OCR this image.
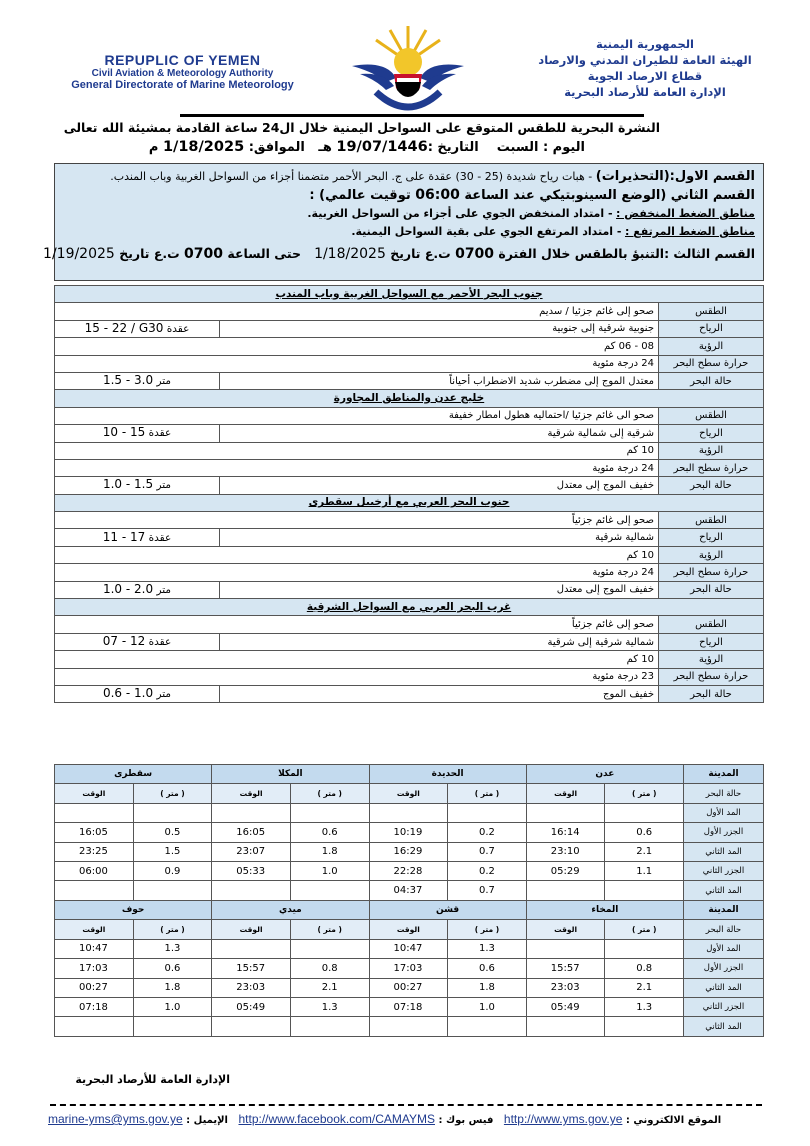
REPUPLIC OF YEMEN
Civil Aviation & Meteorology Authority
General Directorate of Marine Meteorology
الجمهورية اليمنية
الهيئة العامة للطيران المدني والارصاد
قطاع الارصاد الجوية
الإدارة العامة للأرصاد البحرية
النشرة البحرية للطقس المتوقع على السواحل اليمنية خلال ال24 ساعة القادمة بمشيئة الله تعالى
اليوم : السبت    التاريخ :19/07/1446 هـ   الموافق: 1/18/2025 م
القسم الاول:(التحذيرات) - هبات رياح شديدة (25 - 30) عقدة على ج. البحر الأحمر متضمنا أجزاء من السواحل الغربية وباب المندب.
القسم الثاني (الوضع السينوبتيكي عند الساعة 06:00 توقيت عالمي) :
مناطق الضغط المنخفض : - امتداد المنخفض الجوي على أجزاء من السواحل الغربية.
مناطق الضغط المرتفع : - امتداد المرتفع الجوي على بقية السواحل اليمنية.
القسم الثالث :التنبؤ بالطقس خلال الفترة 0700 ت.ع تاريخ 1/18/2025   حتى الساعة 0700 ت.ع تاريخ 1/19/2025
جنوب البحر الأحمر مع السواحل الغربية وباب المندب		
الطقس	صحو إلى غائم جزئيا / سديم	
الرياح	جنوبية شرقية إلى جنوبية	15 - 22 / G30 عقدة
الرؤية	08 - 06 كم	
حرارة سطح البحر	24 درجة مئوية	
حالة البحر	معتدل الموج إلى مضطرب شديد الاضطراب أحياناً	1.5 - 3.0 متر
خليج عدن والمناطق المجاورة		
الطقس	صحو الى غائم جزئيا /احتماليه هطول امطار خفيفة	
الرياح	شرقية إلى شمالية شرقية	10 - 15 عقدة
الرؤية	10 كم	
حرارة سطح البحر	24 درجة مئوية	
حالة البحر	خفيف الموج إلى معتدل	1.0 - 1.5 متر
جنوب البحر العربي مع أرخبيل سقطرى		
الطقس	صحو إلى غائم جزئياً	
الرياح	شمالية شرقية	11 - 17 عقدة
الرؤية	10 كم	
حرارة سطح البحر	24 درجة مئوية	
حالة البحر	خفيف الموج إلى معتدل	1.0 - 2.0 متر
غرب البحر العربي مع السواحل الشرقية		
الطقس	صحو إلى غائم جزئياً	
الرياح	شمالية شرقية إلى شرقية	07 - 12 عقدة
الرؤية	10 كم	
حرارة سطح البحر	23 درجة مئوية	
حالة البحر	خفيف الموج	0.6 - 1.0 متر
المدينة	عدن		الحديدة		المكلا		سقطرى	
حالة البحر	( متر )	الوقت	( متر )	الوقت	( متر )	الوقت	( متر )	الوقت
المد الأول								
الجزر الأول	0.6	16:14	0.2	10:19	0.6	16:05	0.5	16:05
المد الثاني	2.1	23:10	0.7	16:29	1.8	23:07	1.5	23:25
الجزر الثاني	1.1	05:29	0.2	22:28	1.0	05:33	0.9	06:00
المد الثاني			0.7	04:37				
المدينة	المخاء		قشن		ميدي		حوف	
حالة البحر	( متر )	الوقت	( متر )	الوقت	( متر )	الوقت	( متر )	الوقت
المد الأول			1.3	10:47			1.3	10:47
الجزر الأول	0.8	15:57	0.6	17:03	0.8	15:57	0.6	17:03
المد الثاني	2.1	23:03	1.8	00:27	2.1	23:03	1.8	00:27
الجزر الثاني	1.3	05:49	1.0	07:18	1.3	05:49	1.0	07:18
المد الثاني								
الإدارة العامة للأرصاد البحرية
الموقع الالكتروني : http://www.yms.gov.ye   فيس بوك : http://www.facebook.com/CAMAYMS   الإيميل : marine-yms@yms.gov.ye
